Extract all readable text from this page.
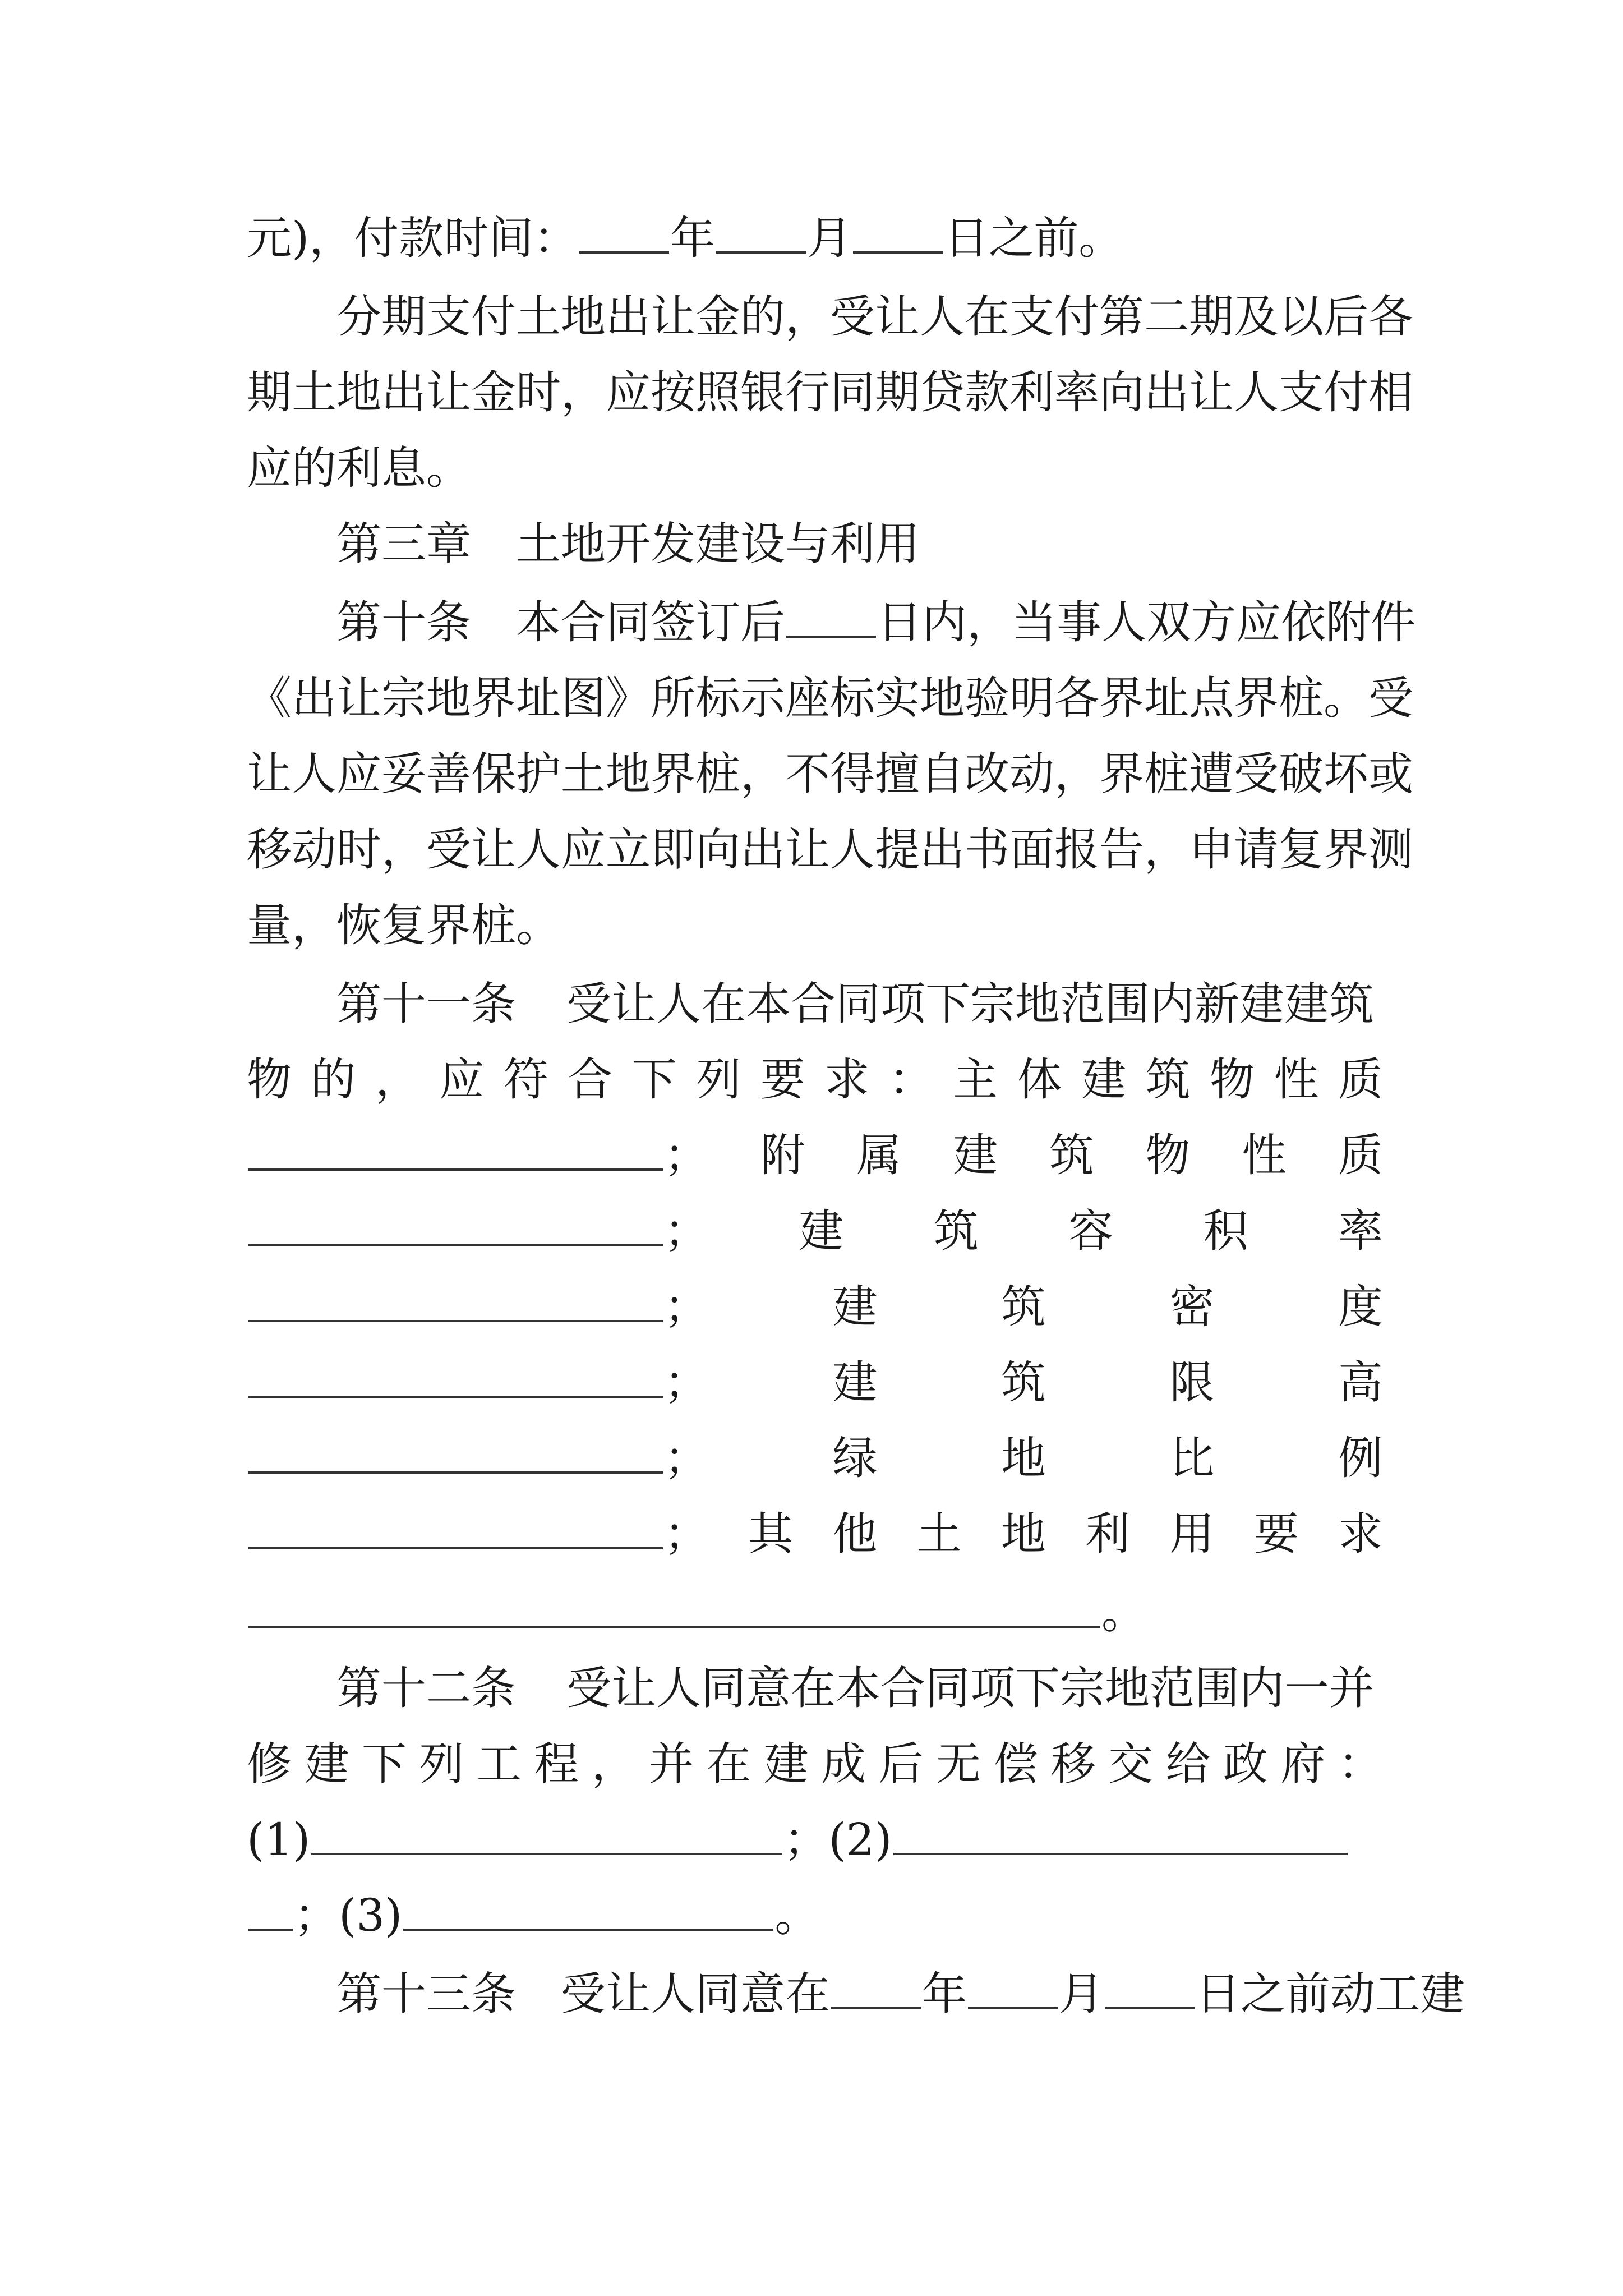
元)，付款时间： 年 月 日之前。
分期支付土地出让金的，受让人在支付第二期及以后各
期土地出让金时，应按照银行同期贷款利率向出让人支付相
应的利息。
第三章 土地开发建设与利用
第十条 本合同签订后 日内，当事人双方应依附件
《出让宗地界址图》所标示座标实地验明各界址点界桩。受
让人应妥善保护土地界桩，不得擅自改动，界桩遭受破坏或
移动时，受让人应立即向出让人提出书面报告，申请复界测
量，恢复界桩。
第十一条 受让人在本合同项下宗地范围内新建建筑
物 的 ， 应 符 合 下 列 要 求 ： 主 体 建 筑 物 性 质
； 附 属 建 筑 物 性 质
； 建 筑 容 积 率
；	建	筑	密	度
；	建	筑	限	高
；	绿	地	比	例
； 其 他 土 地 利 用 要 求
。
第十二条 受让人同意在本合同项下宗地范围内一并
修 建 下 列 工 程 ， 并 在 建 成 后 无 偿 移 交 给 政 府 ：
(1)	；(2)
；(3)	。
第十三条 受让人同意在 年 月 日之前动工建
